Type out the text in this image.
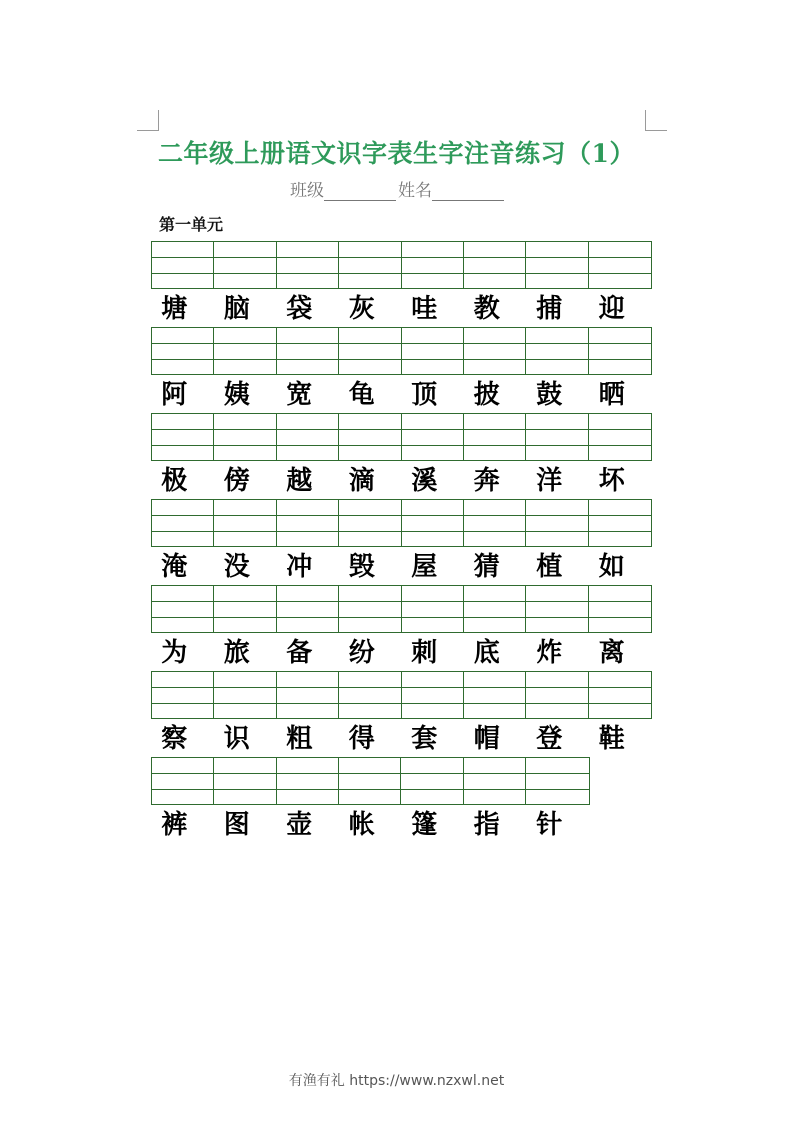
二年级上册语文识字表生字注音练习（1）
班级	姓名
第一单元
塘	脑	袋	灰	哇	教	捕	迎
阿	姨	宽	龟	顶	披	鼓	晒
极	傍	越	滴	溪	奔	洋	坏
淹	没	冲	毁	屋	猜	植	如
为	旅	备	纷	刺	底	炸	离
察	识	粗	得	套	帽	登	鞋
裤	图	壶	帐	篷	指	针
有渔有礼 https://www.nzxwl.net
